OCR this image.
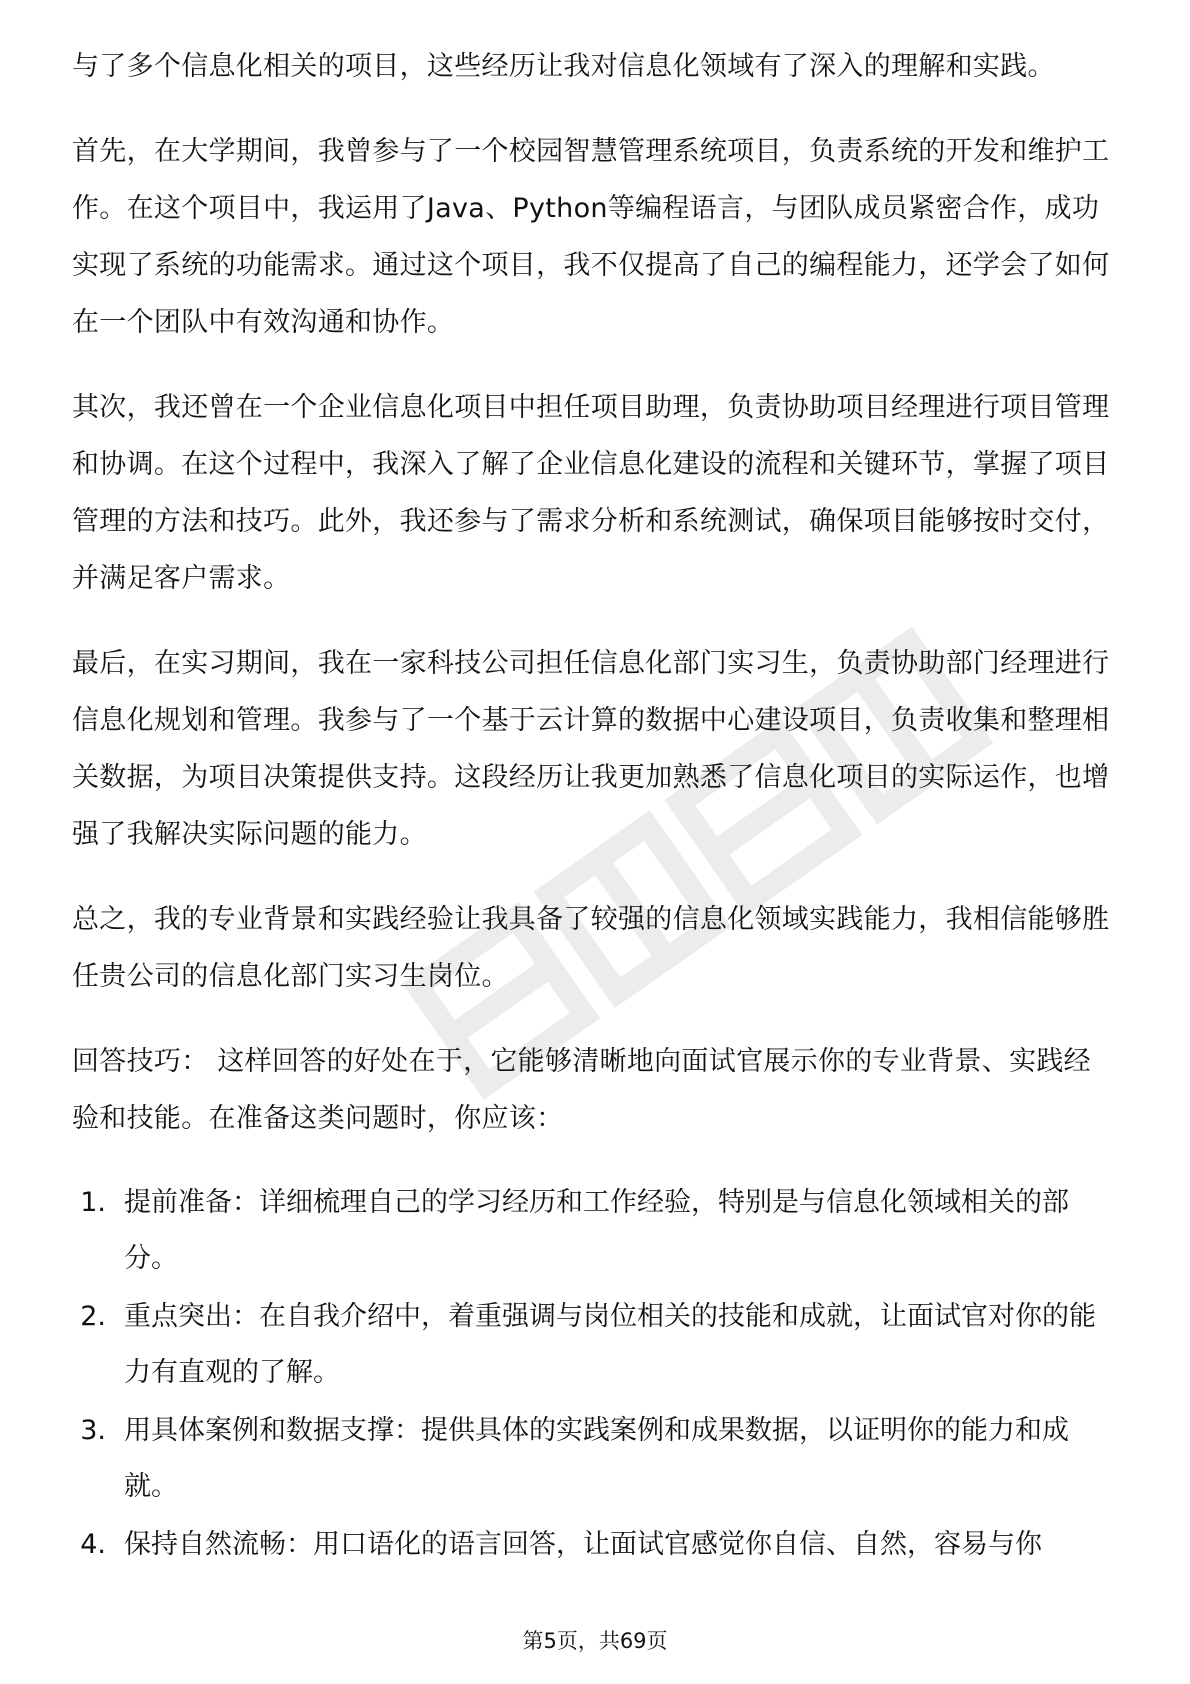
与了多个信息化相关的项目，这些经历让我对信息化领域有了深入的理解和实践。

首先，在大学期间，我曾参与了一个校园智慧管理系统项目，负责系统的开发和维护工作。在这个项目中，我运用了Java、Python等编程语言，与团队成员紧密合作，成功实现了系统的功能需求。通过这个项目，我不仅提高了自己的编程能力，还学会了如何在一个团队中有效沟通和协作。

其次，我还曾在一个企业信息化项目中担任项目助理，负责协助项目经理进行项目管理和协调。在这个过程中，我深入了解了企业信息化建设的流程和关键环节，掌握了项目管理的方法和技巧。此外，我还参与了需求分析和系统测试，确保项目能够按时交付，并满足客户需求。

最后，在实习期间，我在一家科技公司担任信息化部门实习生，负责协助部门经理进行信息化规划和管理。我参与了一个基于云计算的数据中心建设项目，负责收集和整理相关数据，为项目决策提供支持。这段经历让我更加熟悉了信息化项目的实际运作，也增强了我解决实际问题的能力。

总之，我的专业背景和实践经验让我具备了较强的信息化领域实践能力，我相信能够胜任贵公司的信息化部门实习生岗位。

回答技巧： 这样回答的好处在于，它能够清晰地向面试官展示你的专业背景、实践经验和技能。在准备这类问题时，你应该：

1. 提前准备：详细梳理自己的学习经历和工作经验，特别是与信息化领域相关的部分。
2. 重点突出：在自我介绍中，着重强调与岗位相关的技能和成就，让面试官对你的能力有直观的了解。
3. 用具体案例和数据支撑：提供具体的实践案例和成果数据，以证明你的能力和成就。
4. 保持自然流畅：用口语化的语言回答，让面试官感觉你自信、自然，容易与你
第5页，共69页
